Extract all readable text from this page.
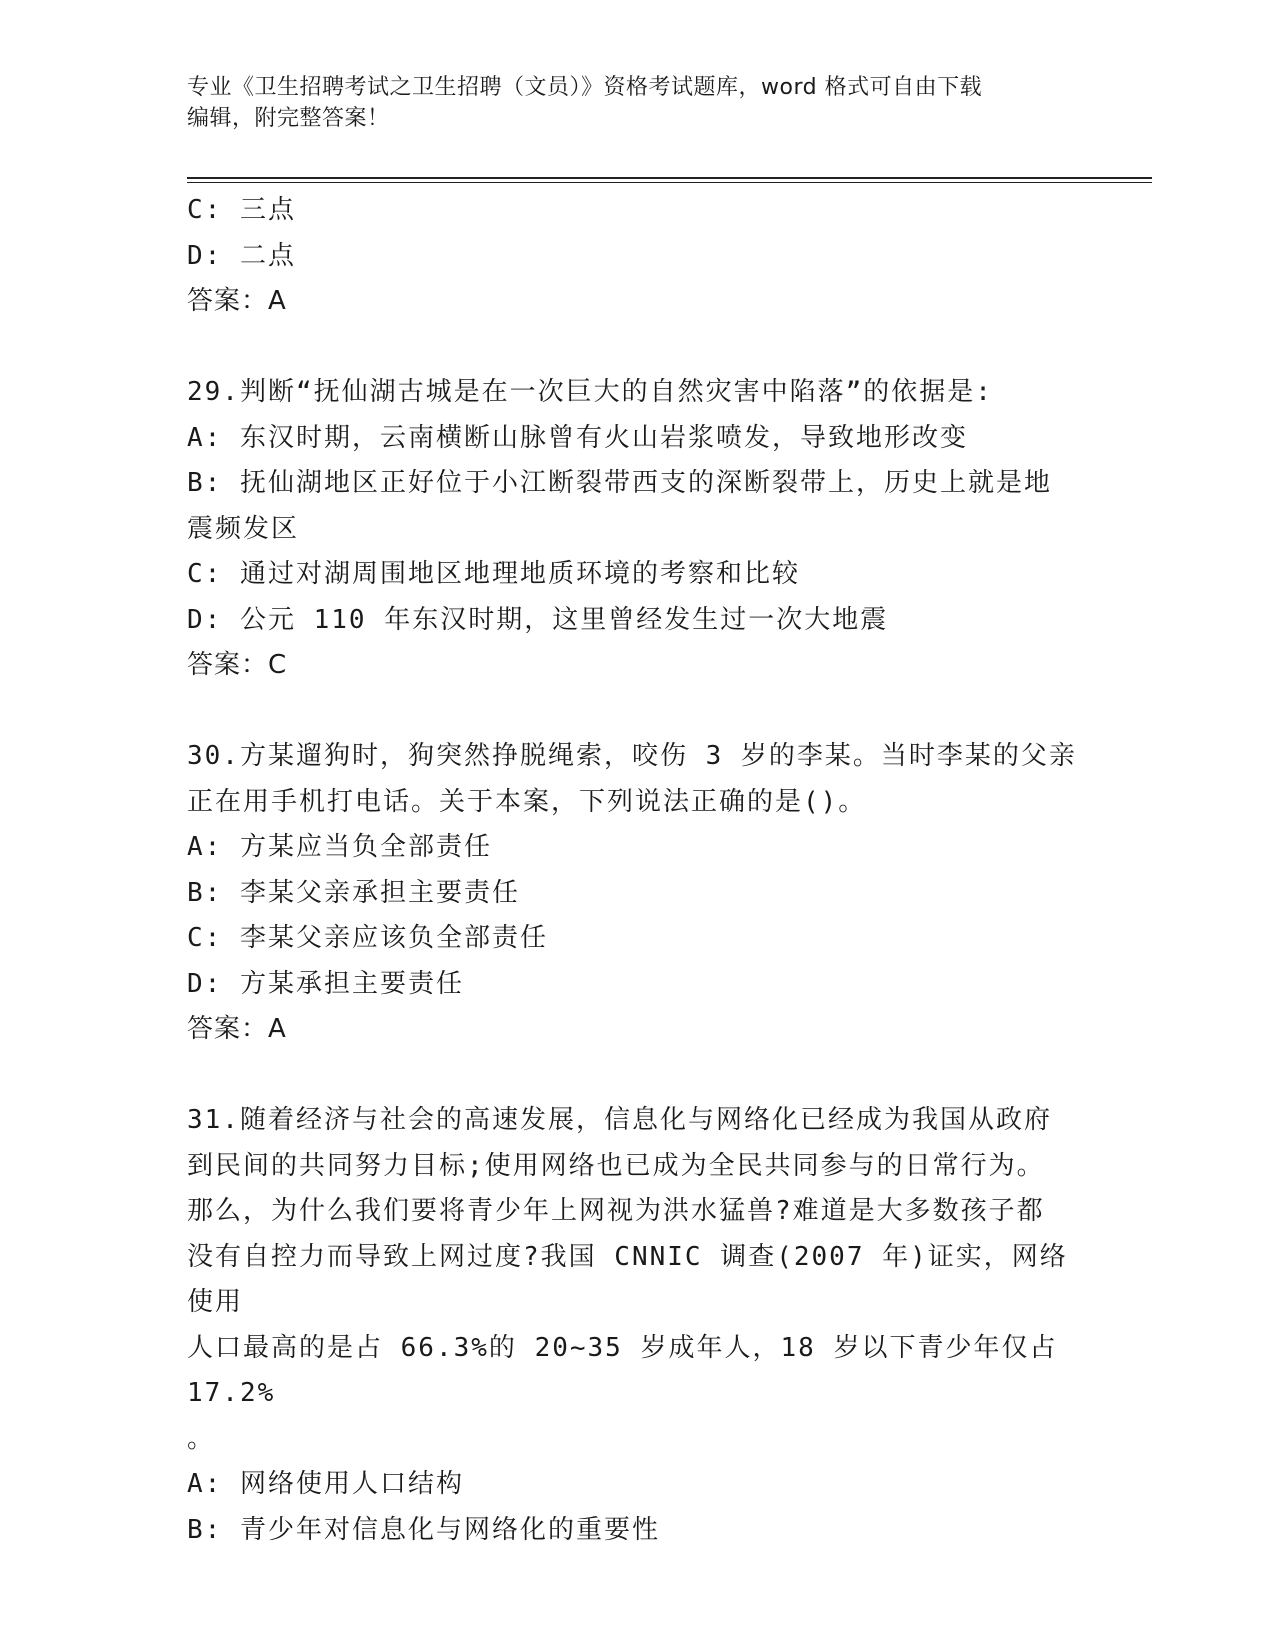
专业《卫生招聘考试之卫生招聘（文员）》资格考试题库，word 格式可自由下载
编辑，附完整答案！

C: 三点

D: 二点

答案：A

29.判断“抚仙湖古城是在一次巨大的自然灾害中陷落”的依据是:

A: 东汉时期，云南横断山脉曾有火山岩浆喷发，导致地形改变

B: 抚仙湖地区正好位于小江断裂带西支的深断裂带上，历史上就是地

震频发区

C: 通过对湖周围地区地理地质环境的考察和比较

D: 公元 110 年东汉时期，这里曾经发生过一次大地震

答案：C

30.方某遛狗时，狗突然挣脱绳索，咬伤 3 岁的李某。当时李某的父亲

正在用手机打电话。关于本案，下列说法正确的是()。

A: 方某应当负全部责任

B: 李某父亲承担主要责任

C: 李某父亲应该负全部责任

D: 方某承担主要责任

答案：A

31.随着经济与社会的高速发展，信息化与网络化已经成为我国从政府

到民间的共同努力目标;使用网络也已成为全民共同参与的日常行为。

那么，为什么我们要将青少年上网视为洪水猛兽?难道是大多数孩子都

没有自控力而导致上网过度?我国 CNNIC 调查(2007 年)证实，网络使用

人口最高的是占 66.3%的 20~35 岁成年人，18 岁以下青少年仅占 17.2%

。

A: 网络使用人口结构

B: 青少年对信息化与网络化的重要性
